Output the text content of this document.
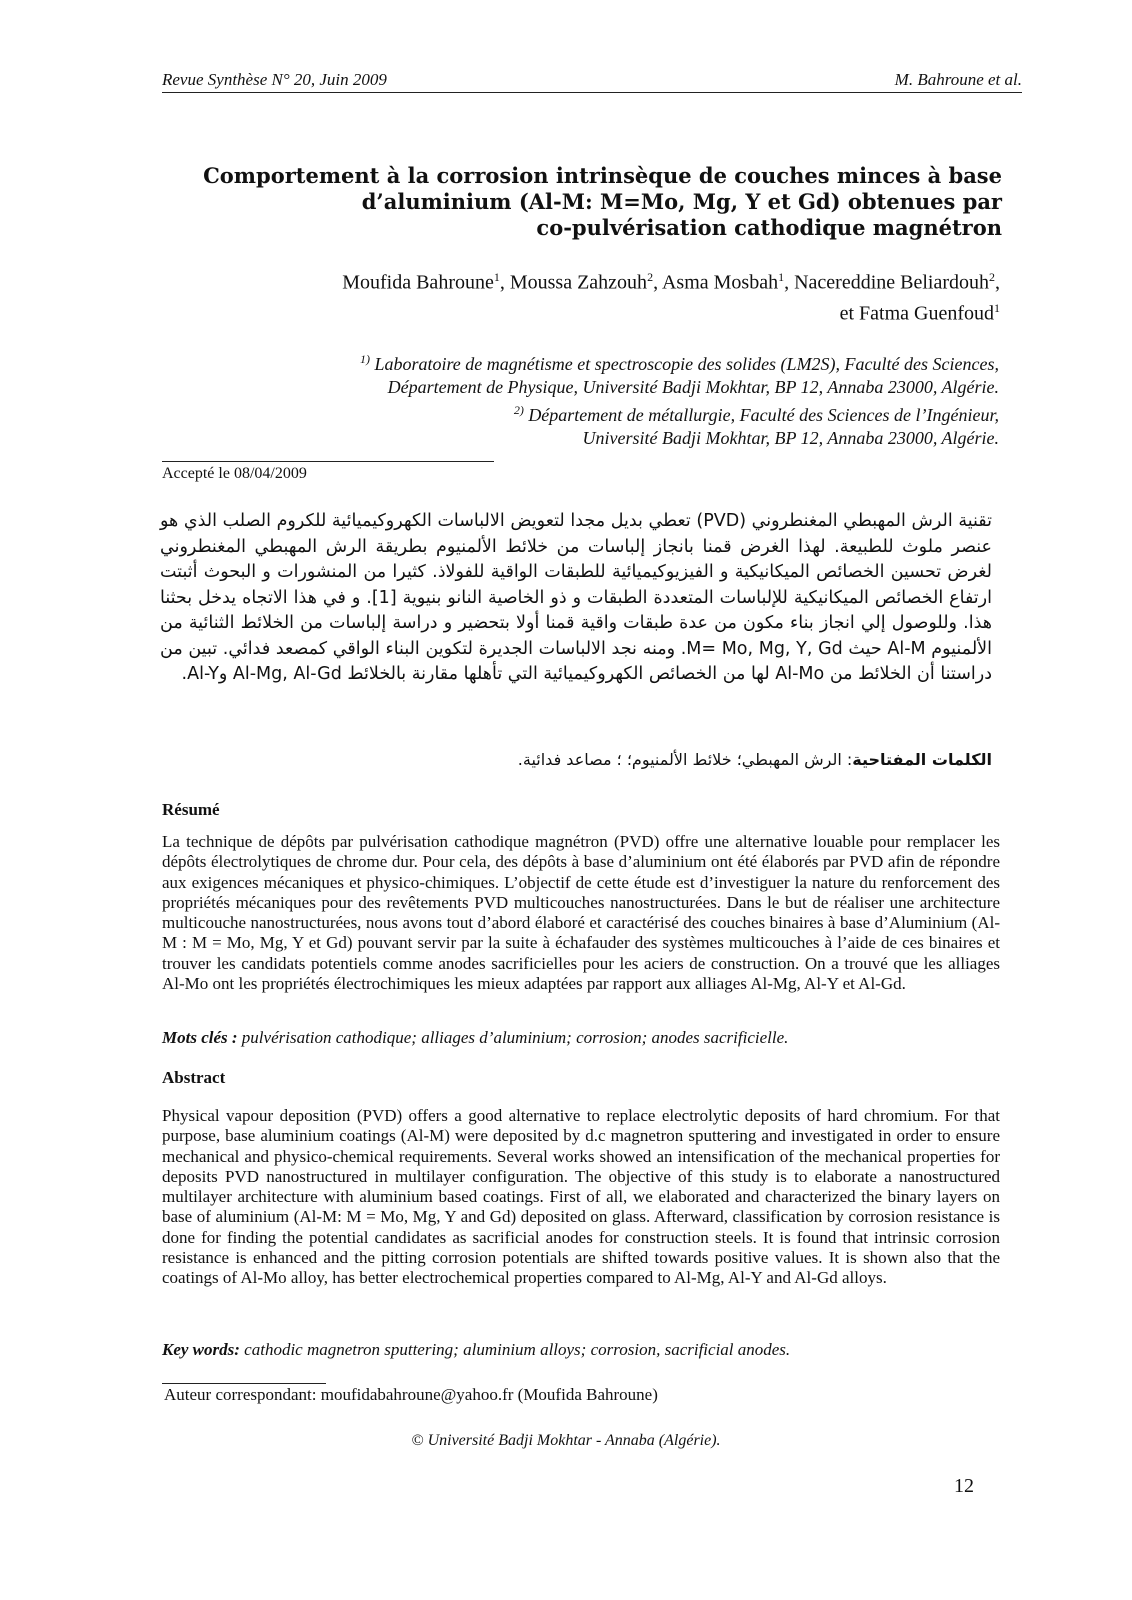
Revue Synthèse N° 20, Juin 2009	M. Bahroune et al.
Comportement à la corrosion intrinsèque de couches minces à base
d’aluminium (Al-M: M=Mo, Mg, Y et Gd) obtenues par
co-pulvérisation cathodique magnétron
Moufida Bahroune$^1$, Moussa Zahzouh$^2$, Asma Mosbah$^1$, Nacereddine Beliardouh$^2$,
et Fatma Guenfoud$^1$
$^{1)}$ Laboratoire de magnétisme et spectroscopie des solides (LM2S), Faculté des Sciences,
Département de Physique, Université Badji Mokhtar, BP 12, Annaba 23000, Algérie.
$^{2)}$ Département de métallurgie, Faculté des Sciences de l’Ingénieur,
Université Badji Mokhtar, BP 12, Annaba 23000, Algérie.
Accepté le 08/04/2009
تقنية الرش المهبطي المغنطروني (PVD) تعطي بديل مجدا لتعويض الالباسات الكهروكيميائية للكروم الصلب الذي هو عنصر ملوث للطبيعة. لهذا الغرض قمنا بانجاز إلباسات من خلائط الألمنيوم بطريقة الرش المهبطي المغنطروني لغرض تحسين الخصائص الميكانيكية و الفيزيوكيميائية للطبقات الواقية للفولاذ. كثيرا من المنشورات و البحوث أثبتت ارتفاع الخصائص الميكانيكية للإلباسات المتعددة الطبقات و ذو الخاصية النانو بنيوية [1]. و في هذا الاتجاه يدخل بحثنا هذا. وللوصول إلي انجاز بناء مكون من عدة طبقات واقية قمنا أولا بتحضير و دراسة إلباسات من الخلائط الثنائية من الألمنيوم Al-M حيث M= Mo, Mg, Y, Gd. ومنه نجد الالباسات الجديرة لتكوين البناء الواقي كمصعد فدائي. تبين من دراستنا أن الخلائط من Al-Mo لها من الخصائص الكهروكيميائية التي تأهلها مقارنة بالخلائط Al-Mg, Al-Gd وAl-Y.
الكلمات المفتاحية: الرش المهبطي؛ خلائط الألمنيوم؛ ؛ مصاعد فدائية.
Résumé
La technique de dépôts par pulvérisation cathodique magnétron (PVD) offre une alternative louable pour remplacer les dépôts électrolytiques de chrome dur. Pour cela, des dépôts à base d’aluminium ont été élaborés par PVD afin de répondre aux exigences mécaniques et physico-chimiques. L’objectif de cette étude est d’investiguer la nature du renforcement des propriétés mécaniques pour des revêtements PVD multicouches nanostructurées. Dans le but de réaliser une architecture multicouche nanostructurées, nous avons tout d’abord élaboré et caractérisé des couches binaires à base d’Aluminium (Al-M : M = Mo, Mg, Y et Gd) pouvant servir par la suite à échafauder des systèmes multicouches à l’aide de ces binaires et trouver les candidats potentiels comme anodes sacrificielles pour les aciers de construction. On a trouvé que les alliages Al-Mo ont les propriétés électrochimiques les mieux adaptées par rapport aux alliages Al-Mg, Al-Y et Al-Gd.
Mots clés : pulvérisation cathodique; alliages d’aluminium; corrosion; anodes sacrificielle.
Abstract
Physical vapour deposition (PVD) offers a good alternative to replace electrolytic deposits of hard chromium. For that purpose, base aluminium coatings (Al-M) were deposited by d.c magnetron sputtering and investigated in order to ensure mechanical and physico-chemical requirements. Several works showed an intensification of the mechanical properties for deposits PVD nanostructured in multilayer configuration. The objective of this study is to elaborate a nanostructured multilayer architecture with aluminium based coatings. First of all, we elaborated and characterized the binary layers on base of aluminium (Al-M: M = Mo, Mg, Y and Gd) deposited on glass. Afterward, classification by corrosion resistance is done for finding the potential candidates as sacrificial anodes for construction steels. It is found that intrinsic corrosion resistance is enhanced and the pitting corrosion potentials are shifted towards positive values. It is shown also that the coatings of Al-Mo alloy, has better electrochemical properties compared to Al-Mg, Al-Y and Al-Gd alloys.
Key words: cathodic magnetron sputtering; aluminium alloys; corrosion, sacrificial anodes.
Auteur correspondant: moufidabahroune@yahoo.fr (Moufida Bahroune)
© Université Badji Mokhtar - Annaba (Algérie).
12
